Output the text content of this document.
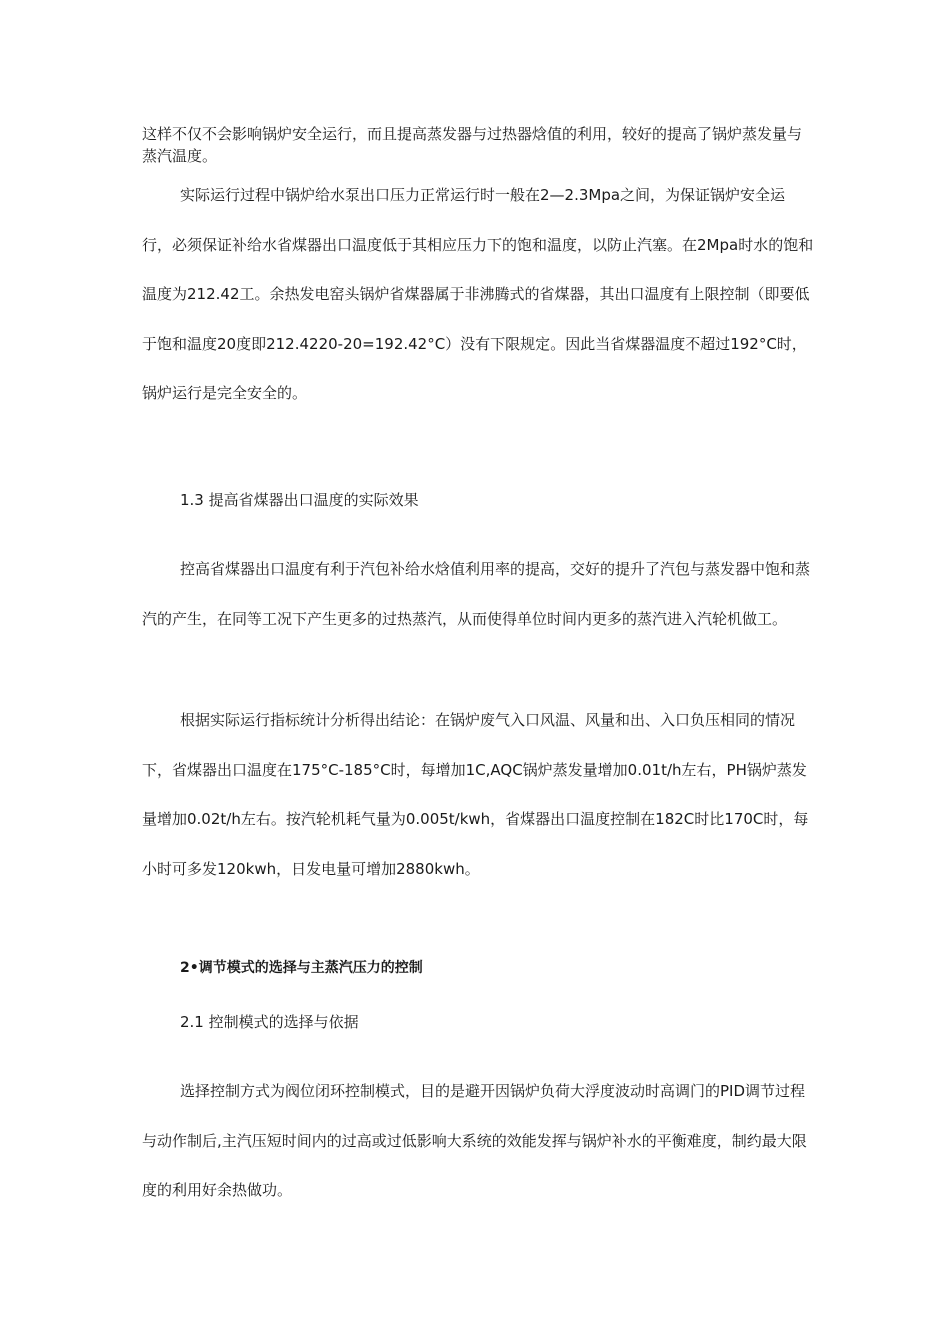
这样不仅不会影响锅炉安全运行，而且提高蒸发器与过热器焓值的利用，较好的提高了锅炉蒸发量与蒸汽温度。

实际运行过程中锅炉给水泵出口压力正常运行时一般在2—2.3Mpa之间，为保证锅炉安全运行，必须保证补给水省煤器出口温度低于其相应压力下的饱和温度，以防止汽塞。在2Mpa时水的饱和温度为212.42工。余热发电窑头锅炉省煤器属于非沸腾式的省煤器，其出口温度有上限控制（即要低于饱和温度20度即212.4220-20=192.42°C）没有下限规定。因此当省煤器温度不超过192°C时，锅炉运行是完全安全的。

1.3 提高省煤器出口温度的实际效果

控高省煤器出口温度有利于汽包补给水焓值利用率的提高，交好的提升了汽包与蒸发器中饱和蒸汽的产生，在同等工况下产生更多的过热蒸汽，从而使得单位时间内更多的蒸汽进入汽轮机做工。

根据实际运行指标统计分析得出结论：在锅炉废气入口风温、风量和出、入口负压相同的情况下，省煤器出口温度在175°C-185°C时，每增加1C,AQC锅炉蒸发量增加0.01t/h左右，PH锅炉蒸发量增加0.02t/h左右。按汽轮机耗气量为0.005t/kwh，省煤器出口温度控制在182C时比170C时，每小时可多发120kwh，日发电量可增加2880kwh。

2•调节模式的选择与主蒸汽压力的控制

2.1 控制模式的选择与依据

选择控制方式为阀位闭环控制模式，目的是避开因锅炉负荷大浮度波动时高调门的PID调节过程与动作制后,主汽压短时间内的过高或过低影响大系统的效能发挥与锅炉补水的平衡难度，制约最大限度的利用好余热做功。
